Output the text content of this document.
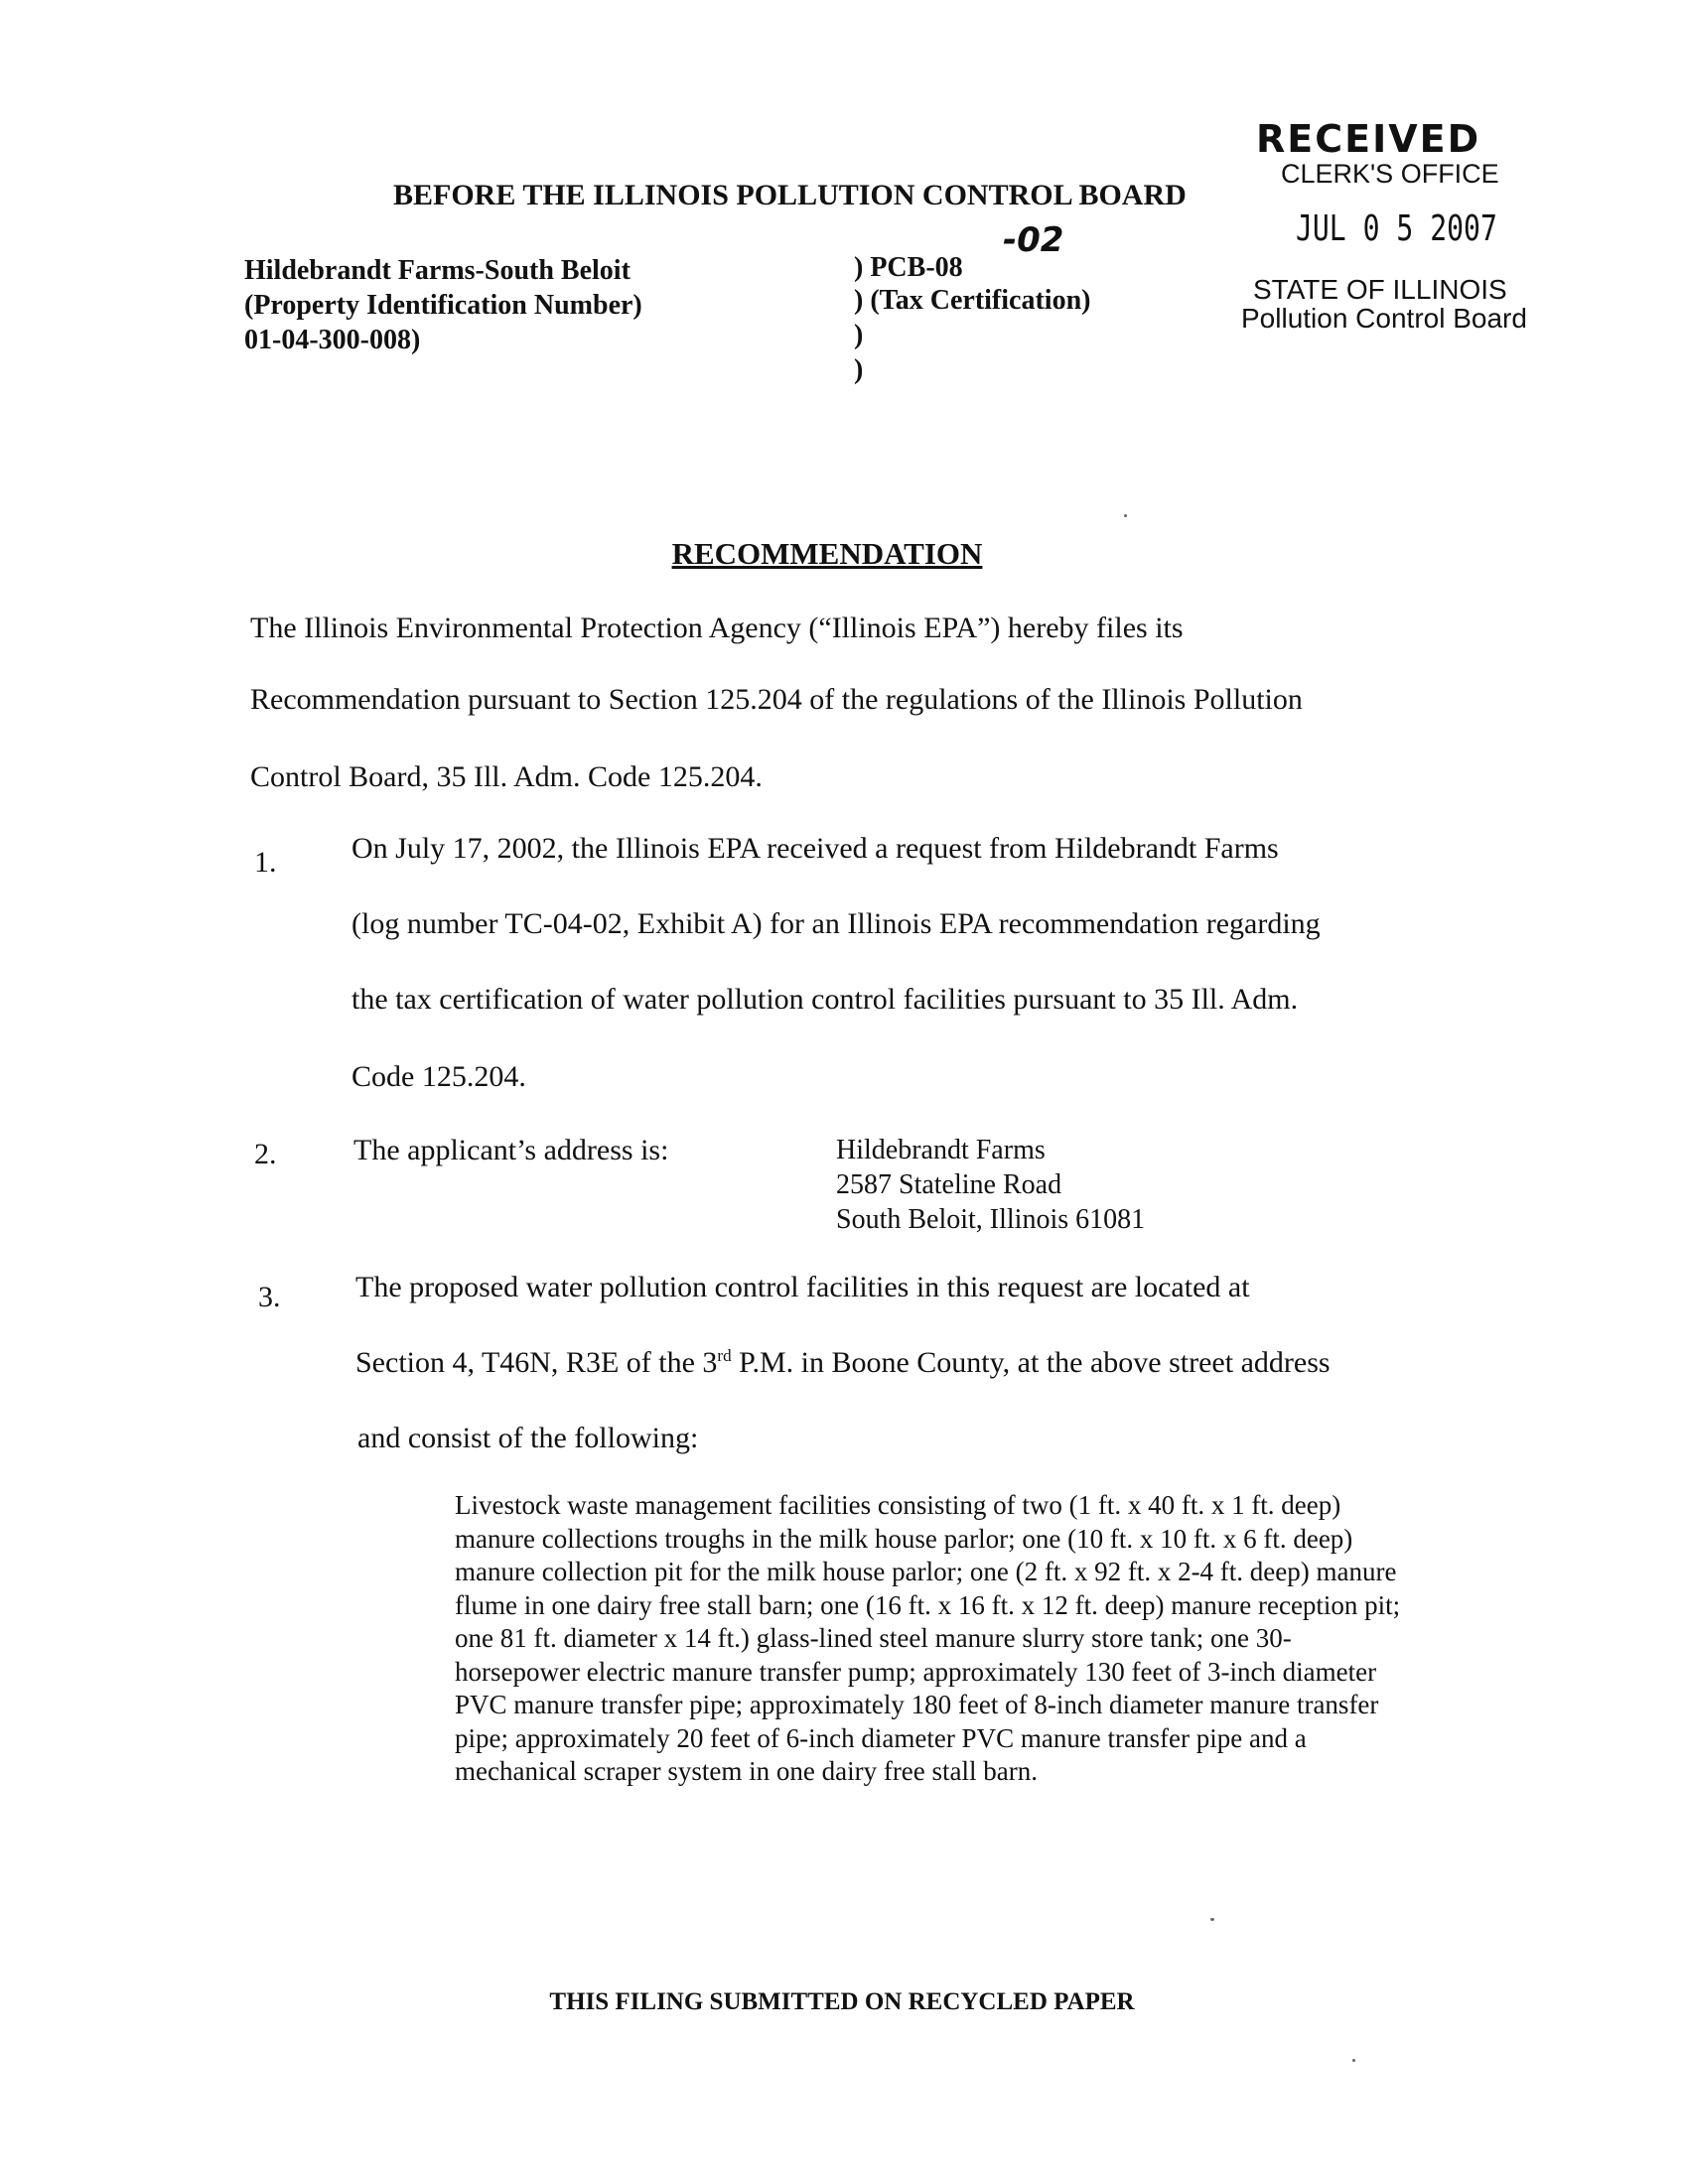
RECEIVED
CLERK'S OFFICE
JUL 0 5 2007
STATE OF ILLINOIS
Pollution Control Board
BEFORE THE ILLINOIS POLLUTION CONTROL BOARD
Hildebrandt Farms-South Beloit
(Property Identification Number)
01-04-300-008)
) PCB-08
) (Tax Certification)
)
)
-02
RECOMMENDATION
The Illinois Environmental Protection Agency (“Illinois EPA”) hereby files its
Recommendation pursuant to Section 125.204 of the regulations of the Illinois Pollution
Control Board, 35 Ill. Adm. Code 125.204.
1.	On July 17, 2002, the Illinois EPA received a request from Hildebrandt Farms
(log number TC-04-02, Exhibit A) for an Illinois EPA recommendation regarding
the tax certification of water pollution control facilities pursuant to 35 Ill. Adm.
Code 125.204.
2.	The applicant’s address is:	Hildebrandt Farms
2587 Stateline Road
South Beloit, Illinois 61081
3.	The proposed water pollution control facilities in this request are located at
Section 4, T46N, R3E of the 3rd P.M. in Boone County, at the above street address
and consist of the following:
Livestock waste management facilities consisting of two (1 ft. x 40 ft. x 1 ft. deep) manure collections troughs in the milk house parlor; one (10 ft. x 10 ft. x 6 ft. deep) manure collection pit for the milk house parlor; one (2 ft. x 92 ft. x 2-4 ft. deep) manure flume in one dairy free stall barn; one (16 ft. x 16 ft. x 12 ft. deep) manure reception pit; one 81 ft. diameter x 14 ft.) glass-lined steel manure slurry store tank; one 30- horsepower electric manure transfer pump; approximately 130 feet of 3-inch diameter PVC manure transfer pipe; approximately 180 feet of 8-inch diameter manure transfer pipe; approximately 20 feet of 6-inch diameter PVC manure transfer pipe and a mechanical scraper system in one dairy free stall barn.
THIS FILING SUBMITTED ON RECYCLED PAPER
